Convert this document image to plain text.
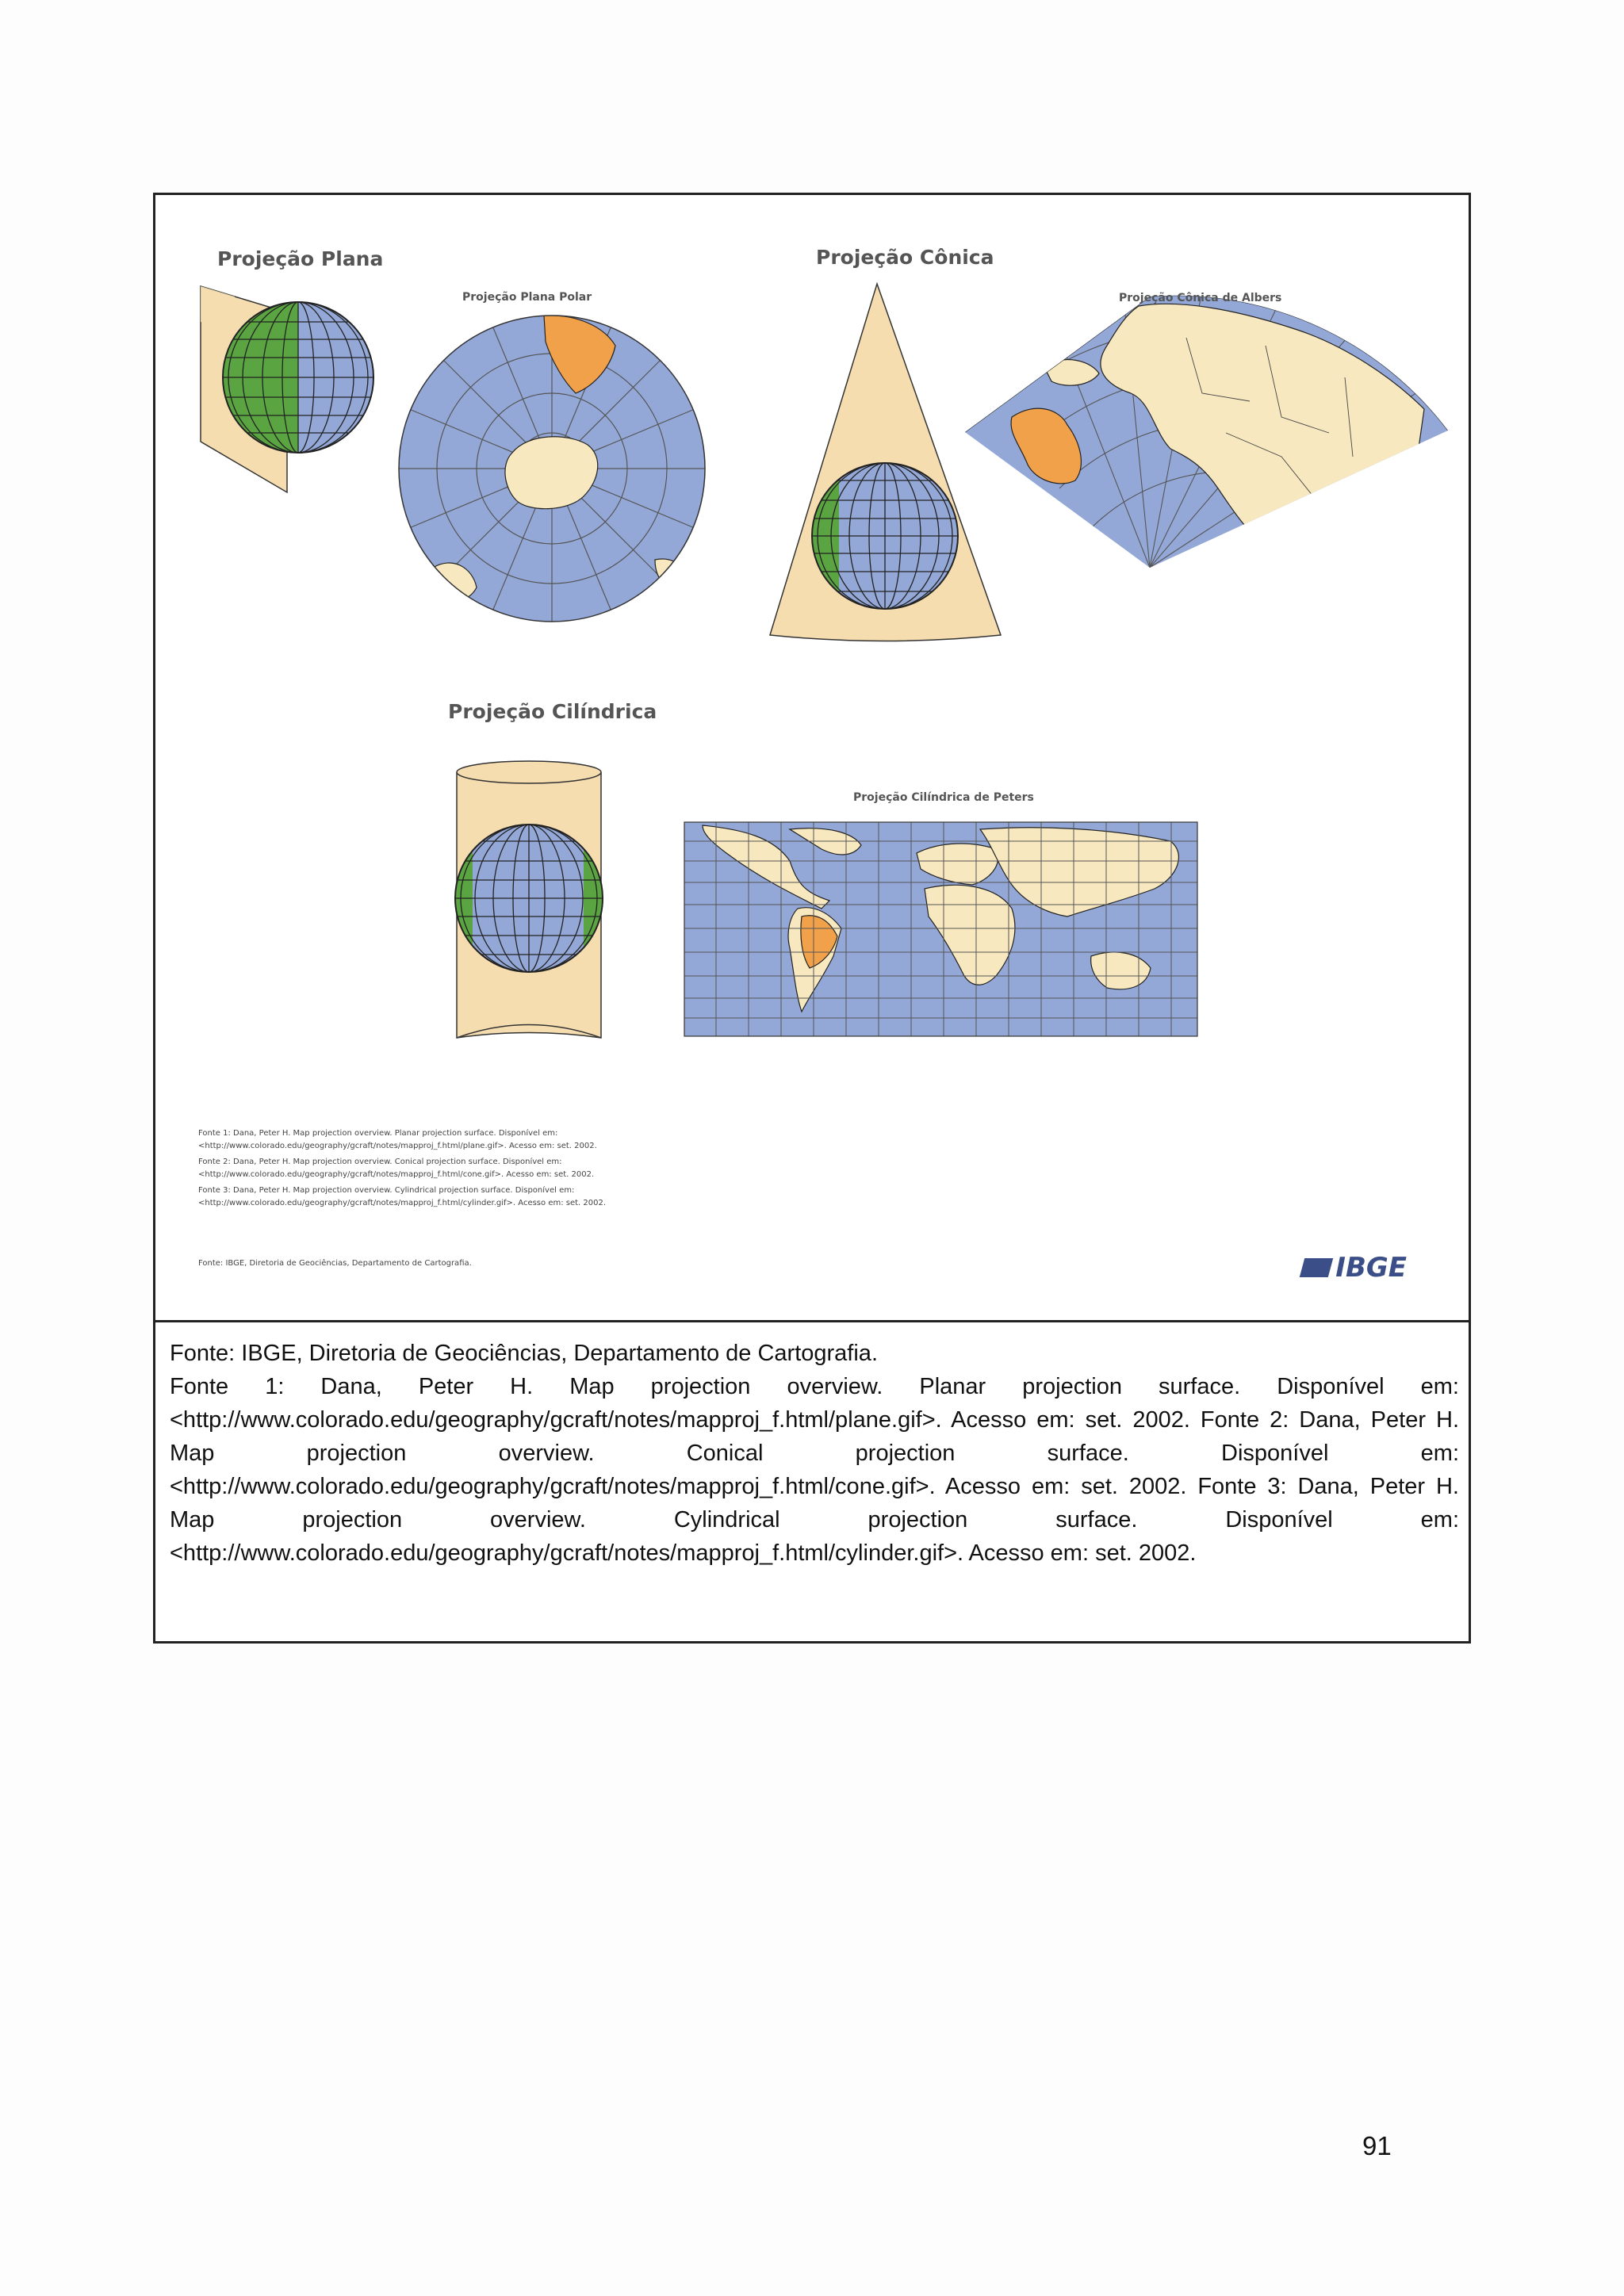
Projeção Plana	Projeção Cônica
Projeção Cilíndrica
Projeção Plana Polar	Projeção Cônica de Albers
Projeção Cilíndrica de Peters
Fonte 1: Dana, Peter H. Map projection overview. Planar projection surface. Disponível em:
<http://www.colorado.edu/geography/gcraft/notes/mapproj_f.html/plane.gif>. Acesso em: set. 2002.
Fonte 2: Dana, Peter H. Map projection overview. Conical projection surface. Disponível em:
<http://www.colorado.edu/geography/gcraft/notes/mapproj_f.html/cone.gif>. Acesso em: set. 2002.
Fonte 3: Dana, Peter H. Map projection overview. Cylindrical projection surface. Disponível em:
<http://www.colorado.edu/geography/gcraft/notes/mapproj_f.html/cylinder.gif>. Acesso em: set. 2002.
Fonte: IBGE, Diretoria de Geociências, Departamento de Cartografia.	IBGE

Fonte: IBGE, Diretoria de Geociências, Departamento de Cartografia.

Fonte 1: Dana, Peter H. Map projection overview. Planar projection surface. Disponível em: <http://www.colorado.edu/geography/gcraft/notes/mapproj_f.html/plane.gif>. Acesso em: set. 2002. Fonte 2: Dana, Peter H. Map projection overview. Conical projection surface. Disponível em: <http://www.colorado.edu/geography/gcraft/notes/mapproj_f.html/cone.gif>. Acesso em: set. 2002. Fonte 3: Dana, Peter H. Map projection overview. Cylindrical projection surface. Disponível em: <http://www.colorado.edu/geography/gcraft/notes/mapproj_f.html/cylinder.gif>. Acesso em: set. 2002.

91
